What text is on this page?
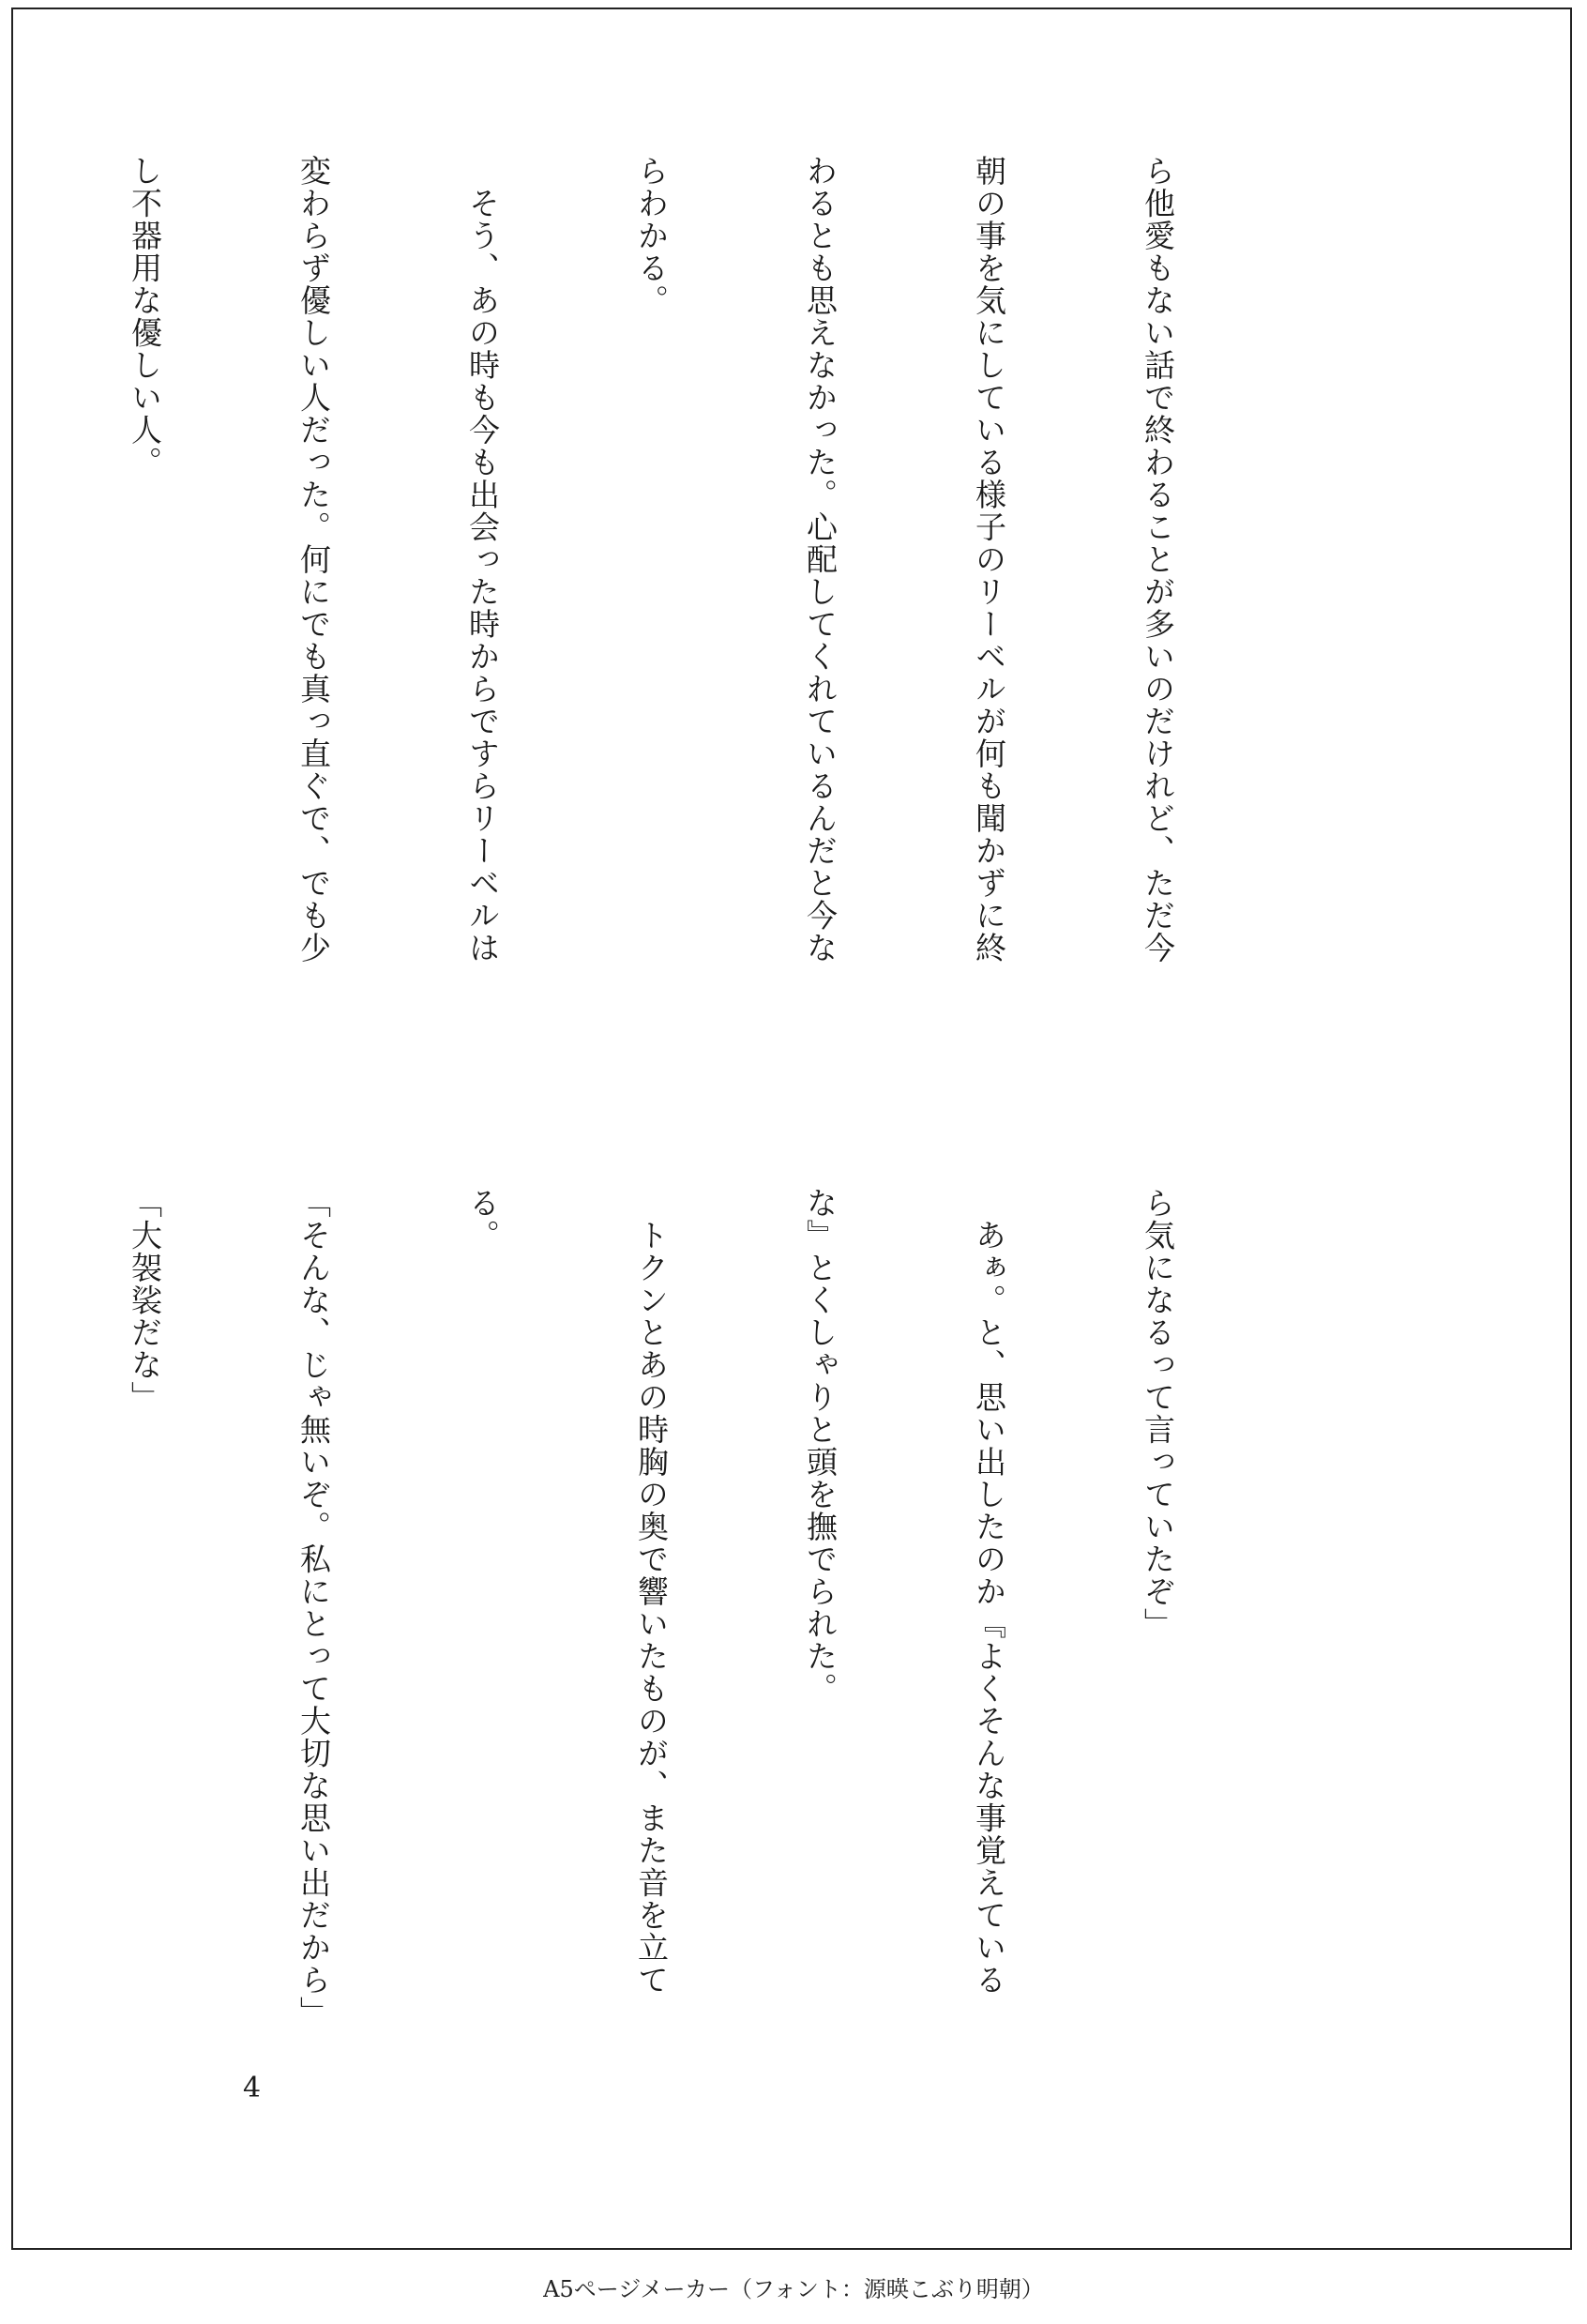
ら他愛もない話で終わることが多いのだけれど、ただ今

朝の事を気にしている様子のリーベルが何も聞かずに終

わるとも思えなかった。心配してくれているんだと今な

らわかる。

　そう、あの時も今も出会った時からですらリーベルは

変わらず優しい人だった。何にでも真っ直ぐで、でも少

し不器用な優しい人。

ら気になるって言っていたぞ」

　あぁ。と、思い出したのか『よくそんな事覚えている

な』とくしゃりと頭を撫でられた。

　トクンとあの時胸の奥で響いたものが、また音を立て

る。

「そんな、じゃ無いぞ。私にとって大切な思い出だから」

「大袈裟だな」

4
A5ページメーカー（フォント：源暎こぶり明朝）
